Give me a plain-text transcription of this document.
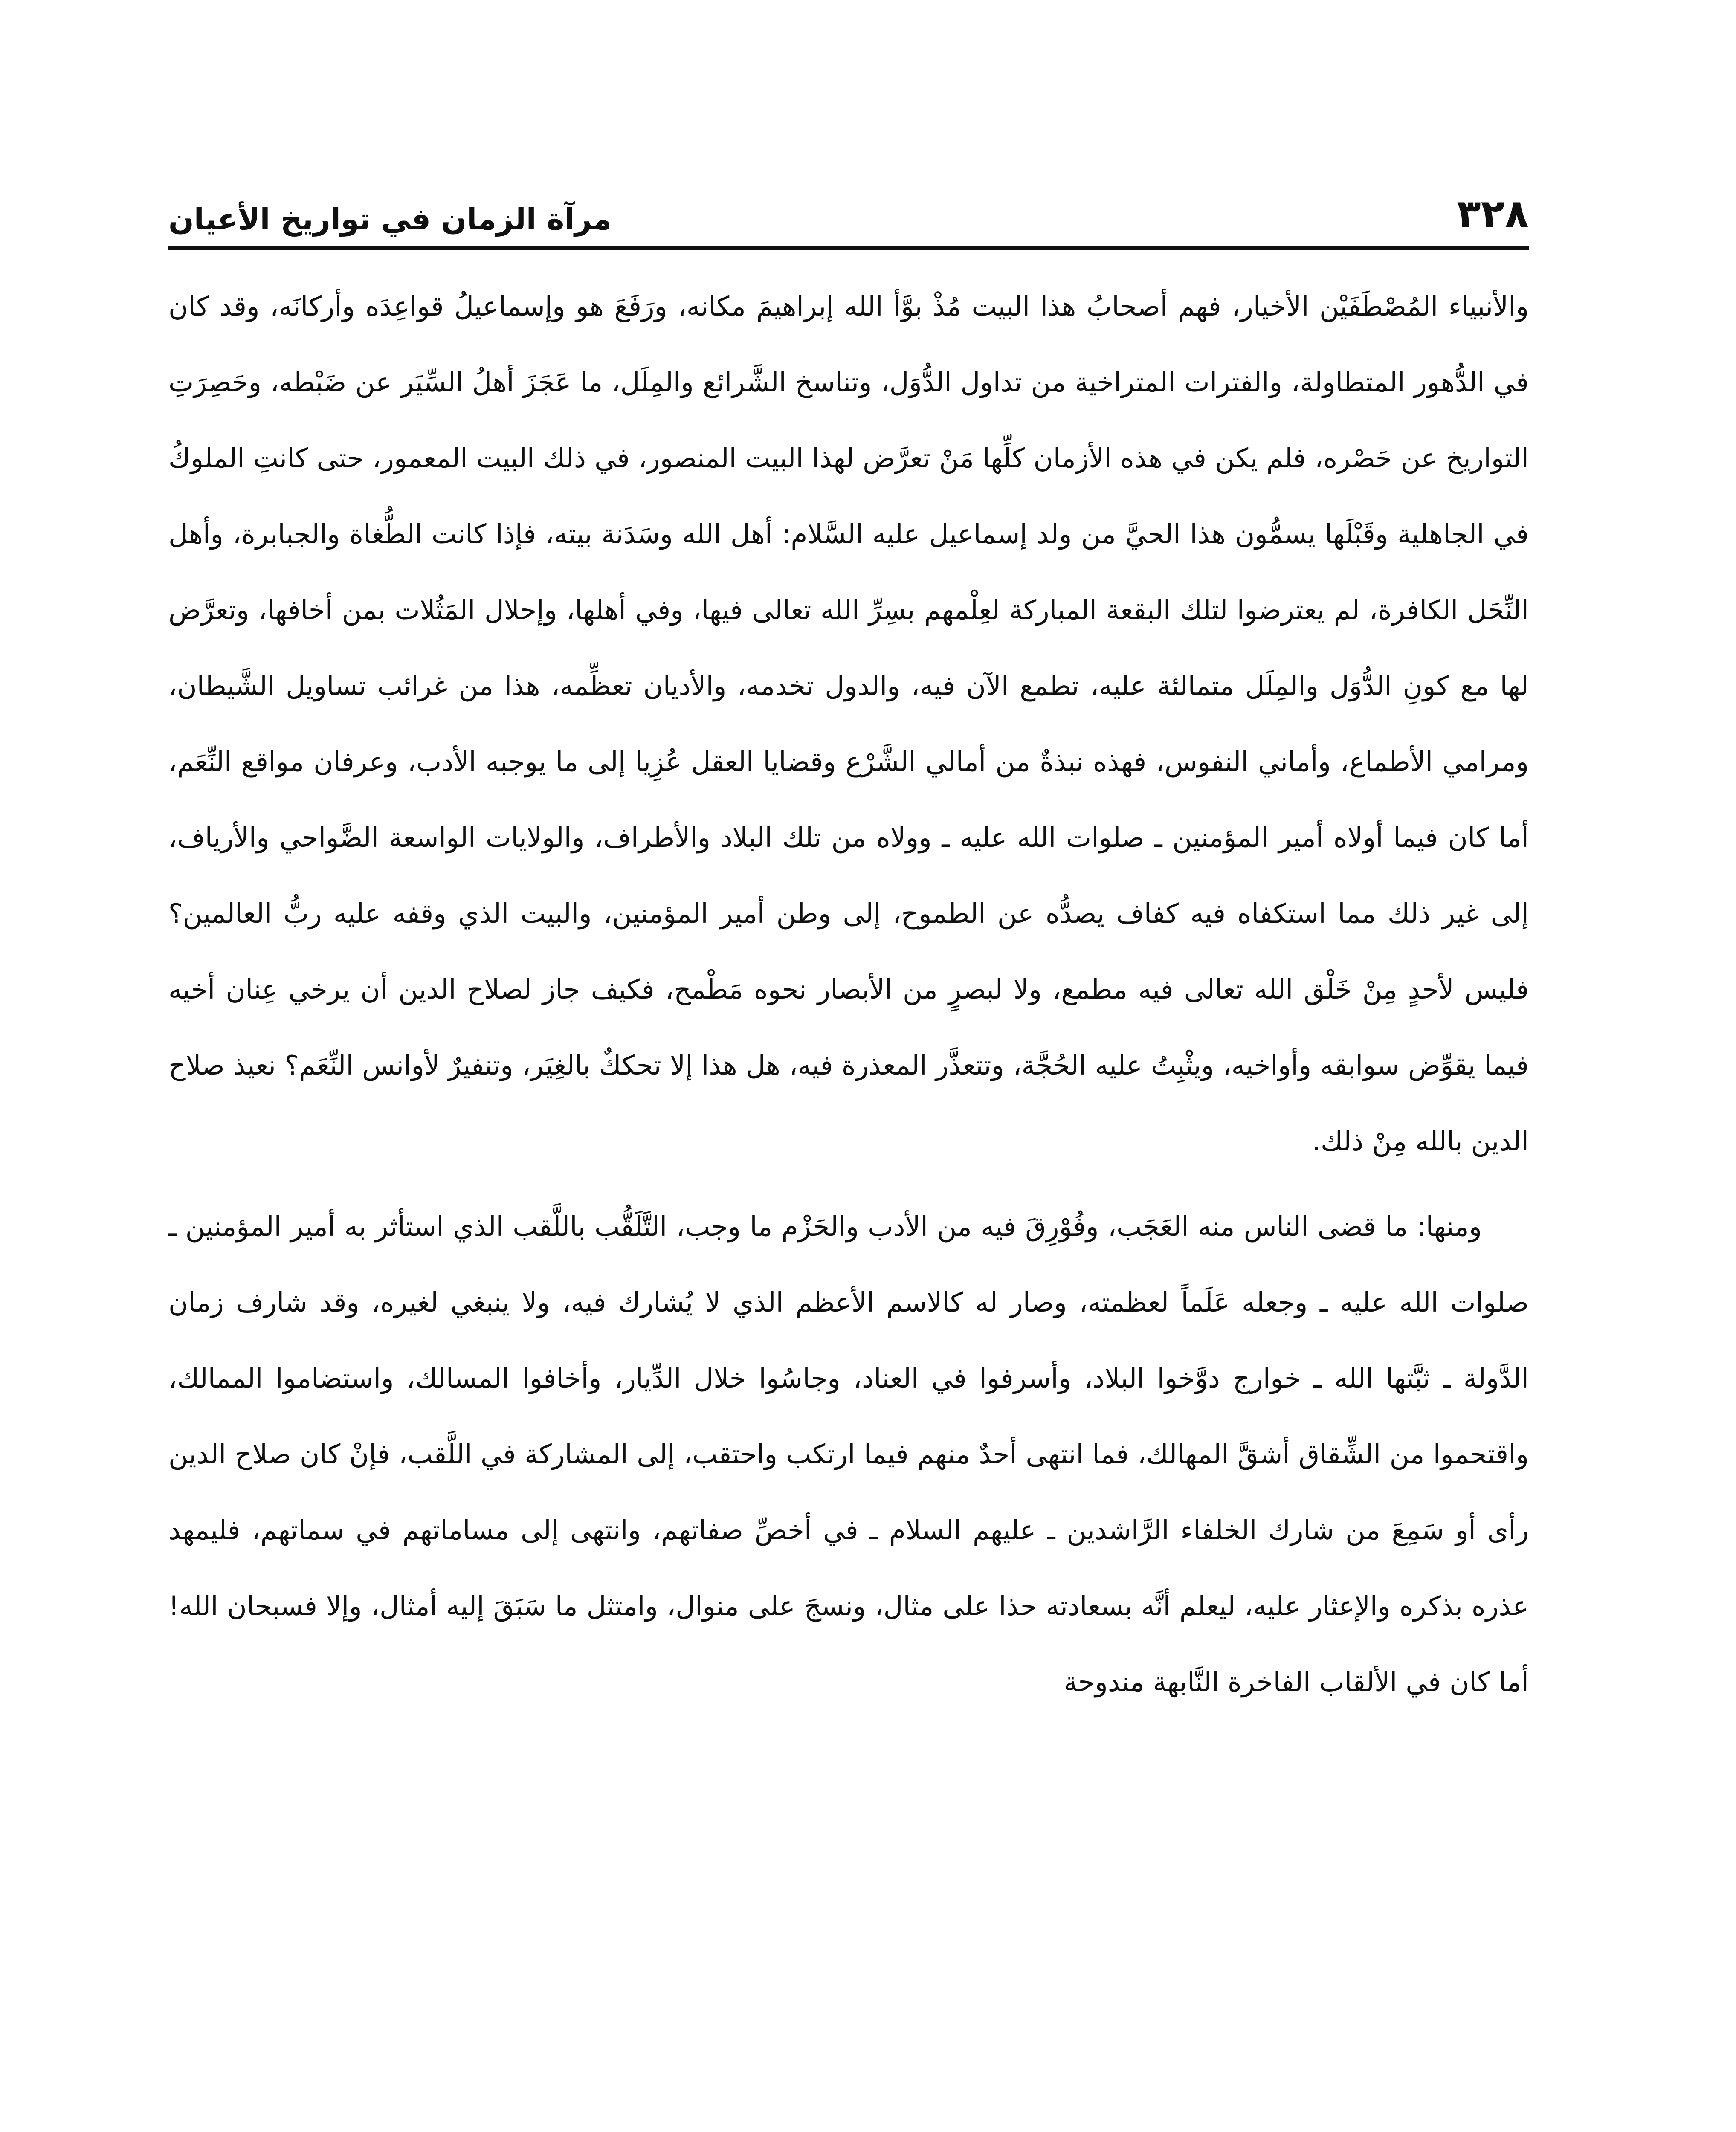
٣٢٨
مرآة الزمان في تواريخ الأعيان

والأنبياء المُصْطَفَيْن الأخيار، فهم أصحابُ هذا البيت مُذْ بوَّأ الله إبراهيمَ مكانه، ورَفَعَ هو وإسماعيلُ قواعِدَه وأركانَه، وقد كان في الدُّهور المتطاولة، والفترات المتراخية من تداول الدُّوَل، وتناسخ الشَّرائع والمِلَل، ما عَجَزَ أهلُ السِّيَر عن ضَبْطه، وحَصِرَتِ التواريخ عن حَصْره، فلم يكن في هذه الأزمان كلِّها مَنْ تعرَّض لهذا البيت المنصور، في ذلك البيت المعمور، حتى كانتِ الملوكُ في الجاهلية وقَبْلَها يسمُّون هذا الحيَّ من ولد إسماعيل عليه السَّلام: أهل الله وسَدَنة بيته، فإذا كانت الطُّغاة والجبابرة، وأهل النِّحَل الكافرة، لم يعترضوا لتلك البقعة المباركة لعِلْمهم بسِرِّ الله تعالى فيها، وفي أهلها، وإحلال المَثُلات بمن أخافها، وتعرَّض لها مع كونِ الدُّوَل والمِلَل متمالئة عليه، تطمع الآن فيه، والدول تخدمه، والأديان تعظِّمه، هذا من غرائب تساويل الشَّيطان، ومرامي الأطماع، وأماني النفوس، فهذه نبذةٌ من أمالي الشَّرْع وقضايا العقل عُزِيا إلى ما يوجبه الأدب، وعرفان مواقع النِّعَم، أما كان فيما أولاه أمير المؤمنين ـ صلوات الله عليه ـ وولاه من تلك البلاد والأطراف، والولايات الواسعة الضَّواحي والأرياف، إلى غير ذلك مما استكفاه فيه كفاف يصدُّه عن الطموح، إلى وطن أمير المؤمنين، والبيت الذي وقفه عليه ربُّ العالمين؟ فليس لأحدٍ مِنْ خَلْق الله تعالى فيه مطمع، ولا لبصرٍ من الأبصار نحوه مَطْمح، فكيف جاز لصلاح الدين أن يرخي عِنان أخيه فيما يقوِّض سوابقه وأواخيه، ويثْبِتُ عليه الحُجَّة، وتتعذَّر المعذرة فيه، هل هذا إلا تحككٌ بالغِيَر، وتنفيرٌ لأوانس النِّعَم؟ نعيذ صلاح الدين بالله مِنْ ذلك.

ومنها: ما قضى الناس منه العَجَب، وفُوْرِقَ فيه من الأدب والحَزْم ما وجب، التَّلَقُّب باللَّقب الذي استأثر به أمير المؤمنين ـ صلوات الله عليه ـ وجعله عَلَماً لعظمته، وصار له كالاسم الأعظم الذي لا يُشارك فيه، ولا ينبغي لغيره، وقد شارف زمان الدَّولة ـ ثبَّتها الله ـ خوارج دوَّخوا البلاد، وأسرفوا في العناد، وجاسُوا خلال الدِّيار، وأخافوا المسالك، واستضاموا الممالك، واقتحموا من الشِّقاق أشقَّ المهالك، فما انتهى أحدٌ منهم فيما ارتكب واحتقب، إلى المشاركة في اللَّقب، فإنْ كان صلاح الدين رأى أو سَمِعَ من شارك الخلفاء الرَّاشدين ـ عليهم السلام ـ في أخصِّ صفاتهم، وانتهى إلى مساماتهم في سماتهم، فليمهد عذره بذكره والإعثار عليه، ليعلم أنَّه بسعادته حذا على مثال، ونسجَ على منوال، وامتثل ما سَبَقَ إليه أمثال، وإلا فسبحان الله! أما كان في الألقاب الفاخرة النَّابهة مندوحة
